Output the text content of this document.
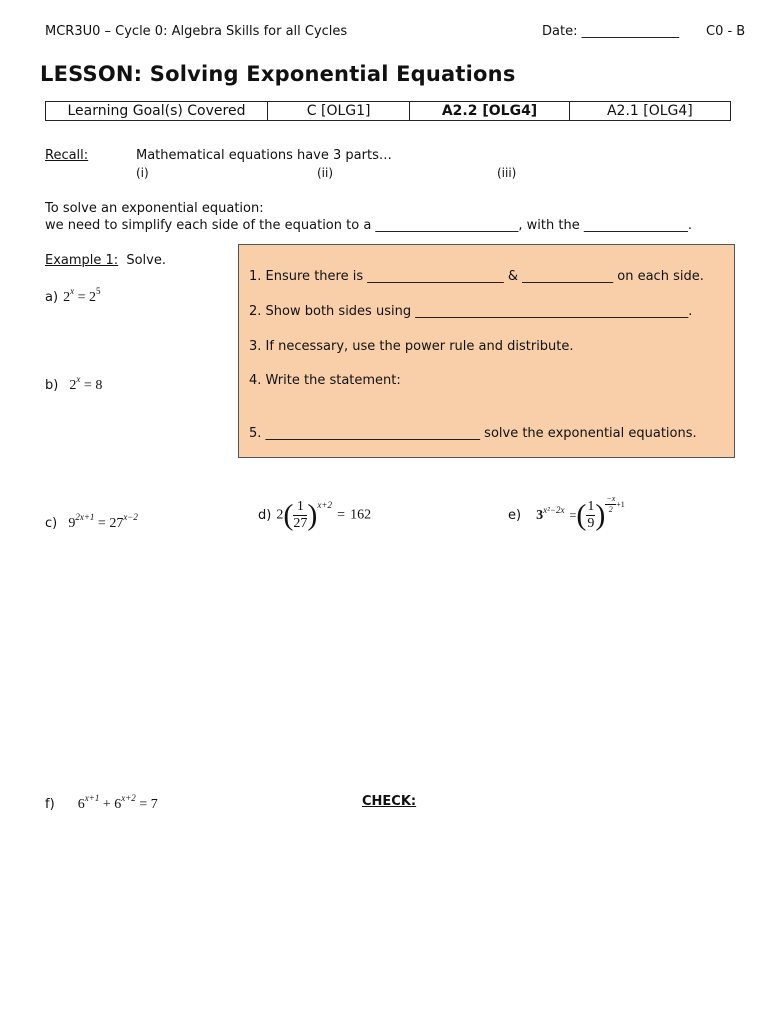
MCR3U0 – Cycle 0: Algebra Skills for all Cycles	Date: _______________ C0 - B
LESSON: Solving Exponential Equations
Learning Goal(s) Covered	C [OLG1]	A2.2 [OLG4]	A2.1 [OLG4]
Recall:	Mathematical equations have 3 parts…
(i)	(ii)	(iii)
To solve an exponential equation:
we need to simplify each side of the equation to a ______________________, with the ________________.
Example 1: Solve.
1. Ensure there is _____________________ & ______________ on each side.
2. Show both sides using __________________________________________.
3. If necessary, use the power rule and distribute.
4. Write the statement:
5. _________________________________ solve the exponential equations.
a) $2^x = 2^5$
b) $2^x = 8$
c) $9^{2x+1} = 27^{x-2}$	d) $2( \frac{1}{27} )^{x+2} = 162$	e) $3^{x^2-2x}$ =( $\frac{1}{9}$ ) $\frac{-x}{2} +1$
f) $6^{x+1} + 6^{x+2} = 7$	CHECK:
